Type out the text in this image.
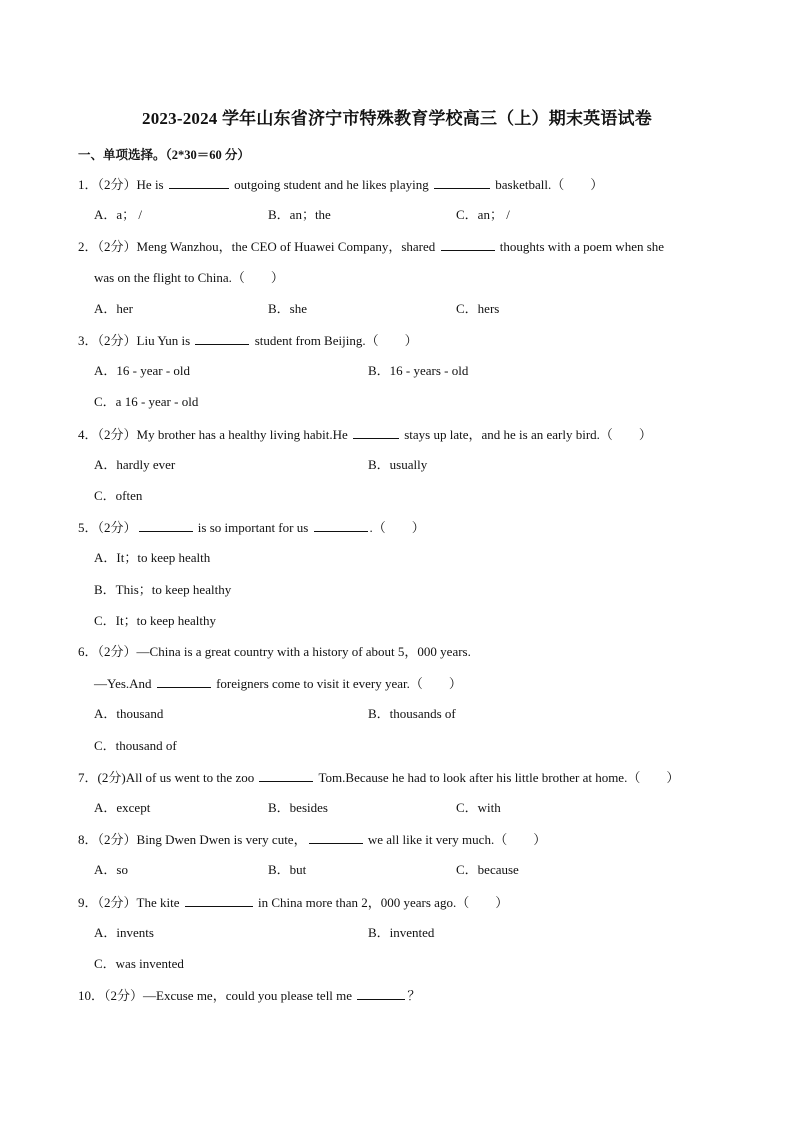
2023-2024 学年山东省济宁市特殊教育学校高三（上）期末英语试卷
一、单项选择。（2*30＝60 分）
1．（2分）He is	outgoing student and he likes playing	basketball.（　　）
A．a； /	B．an；the	C．an； /
2．（2分）Meng Wanzhou，the CEO of Huawei Company，shared	thoughts with a poem when she
was on the flight to China.（　　）
A．her	B．she	C．hers
3．（2分）Liu Yun is	student from Beijing.（　　）
A．16 - year - old	B．16 - years - old
C．a 16 - year - old
4．（2分）My brother has a healthy living habit.He	stays up late，and he is an early bird.（　　）
A．hardly ever	B．usually
C．often
5．（2分）	is so important for us	.（　　）
A．It；to keep health
B．This；to keep healthy
C．It；to keep healthy
6．（2分）—China is a great country with a history of about 5，000 years.
—Yes.And	foreigners come to visit it every year.（　　）
A．thousand	B．thousands of
C．thousand of
7．(2分)All of us went to the zoo	Tom.Because he had to look after his little brother at home.（　　）
A．except	B．besides	C．with
8．（2分）Bing Dwen Dwen is very cute，	we all like it very much.（　　）
A．so	B．but	C．because
9．（2分）The kite	in China more than 2，000 years ago.（　　）
A．invents	B．invented
C．was invented
10．（2分）—Excuse me，could you please tell me	？
